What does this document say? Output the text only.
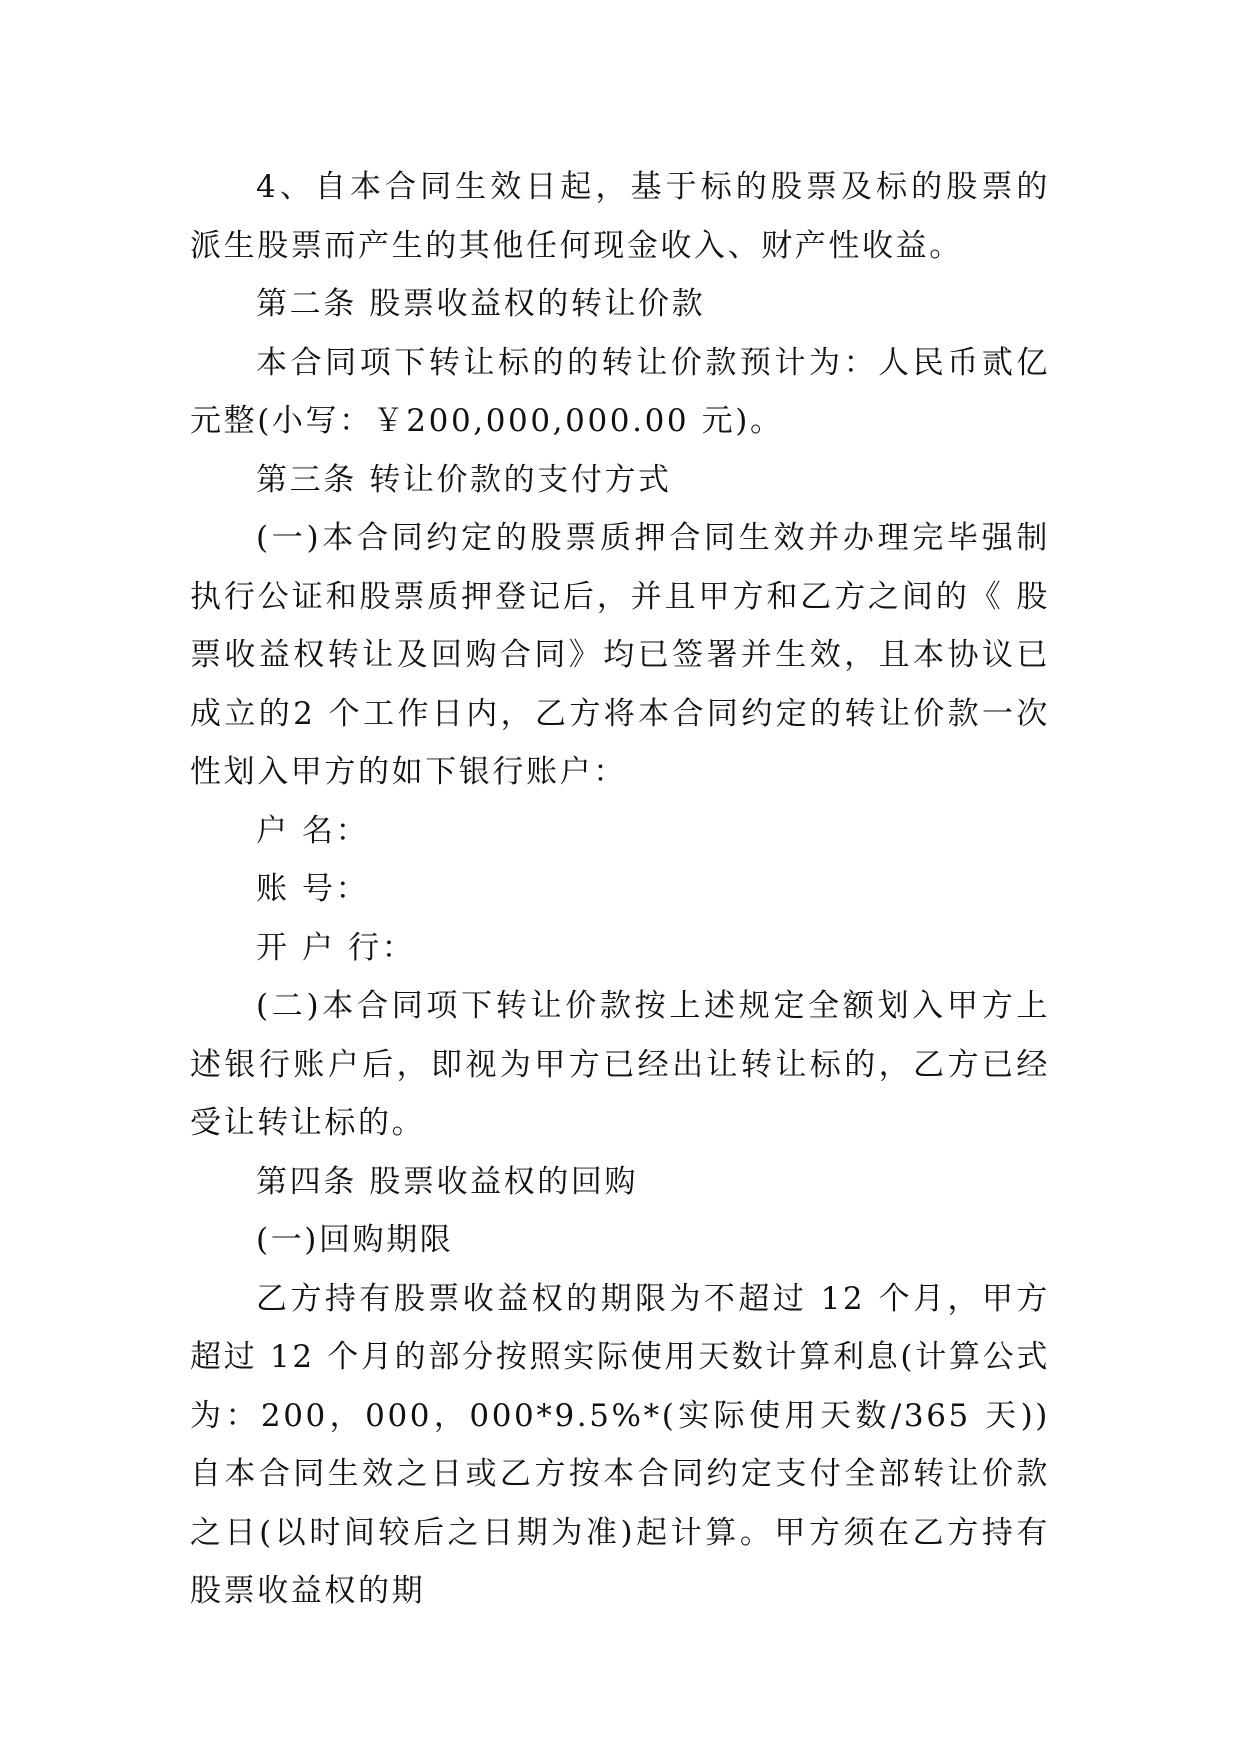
4、自本合同生效日起，基于标的股票及标的股票的派生股票而产生的其他任何现金收入、财产性收益。

第二条 股票收益权的转让价款

本合同项下转让标的的转让价款预计为：人民币贰亿元整(小写：￥200,000,000.00 元)。

第三条 转让价款的支付方式

(一)本合同约定的股票质押合同生效并办理完毕强制执行公证和股票质押登记后，并且甲方和乙方之间的《 股票收益权转让及回购合同》均已签署并生效，且本协议已成立的2 个工作日内，乙方将本合同约定的转让价款一次性划入甲方的如下银行账户：

户 名：

账 号：

开 户 行：

(二)本合同项下转让价款按上述规定全额划入甲方上述银行账户后，即视为甲方已经出让转让标的，乙方已经受让转让标的。

第四条 股票收益权的回购

(一)回购期限

乙方持有股票收益权的期限为不超过 12 个月，甲方超过 12 个月的部分按照实际使用天数计算利息(计算公式为：200，000，000*9.5%*(实际使用天数/365 天))自本合同生效之日或乙方按本合同约定支付全部转让价款之日(以时间较后之日期为准)起计算。甲方须在乙方持有股票收益权的期
